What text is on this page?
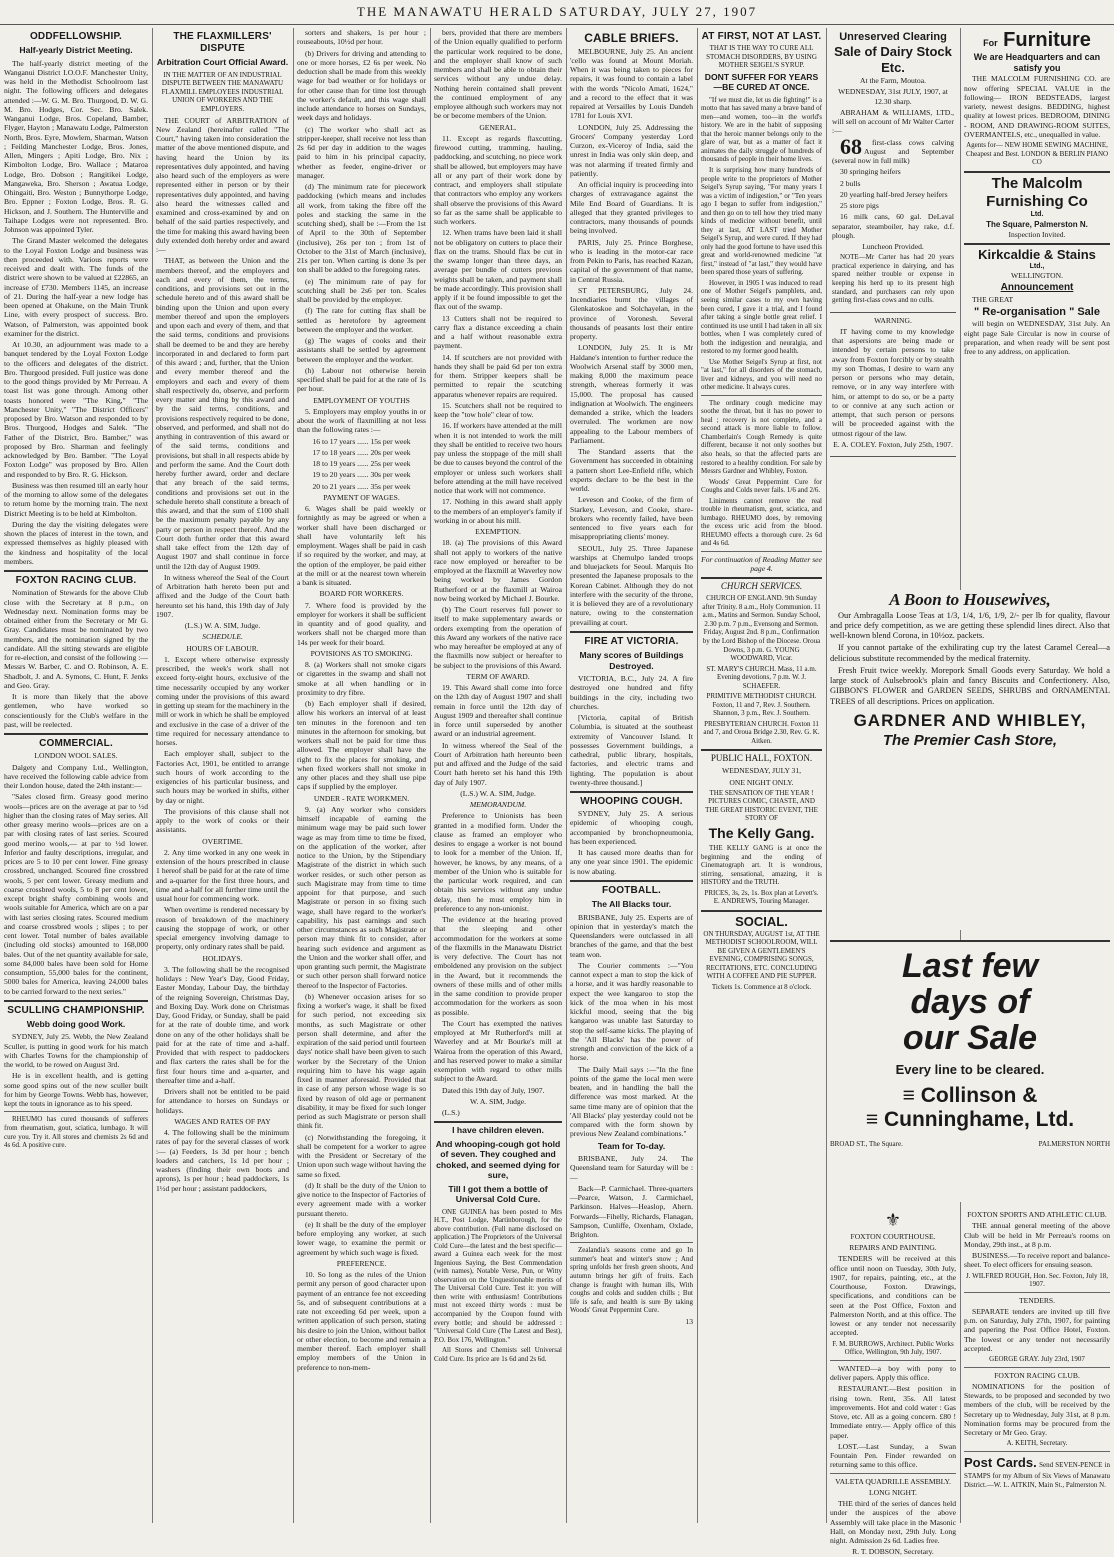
THE MANAWATU HERALD SATURDAY, JULY 27, 1907
ODDFELLOWSHIP.
Half-yearly District Meeting.

The half-yearly district meeting of the Wanganui District I.O.O.F. Manchester Unity, was held in the Methodist Schoolroom last night. The following officers and delegates attended :—W. G. M. Bro. Thurgood, D. W. G. M. Bro. Hodges, Cor. Sec. Bro. Salek. Wanganui Lodge, Bros. Copeland, Bamber, Flyger, Hayton ; Manawatu Lodge, Palmerston North, Bros. Eyre, Mowlem, Sharman, Watson ; Feilding Manchester Lodge, Bros. Jones, Allen, Mingers ; Apiti Lodge, Bro. Nix ; Kimbolton Lodge, Bro. Wallace ; Mataroa Lodge, Bro. Dobson ; Rangitikei Lodge, Mangaweka, Bro. Sherson ; Awatua Lodge, Ohingaiti, Bro. Weston ; Bunnythorpe Lodge, Bro. Eppner ; Foxton Lodge, Bros. R. G. Hickson, and J. Southern. The Hunterville and Taihape Lodges were not represented. Bro. Johnson was appointed Tyler.

The Grand Master welcomed the delegates to the Loyal Foxton Lodge and business was then proceeded with. Various reports were received and dealt with. The funds of the district were shown to be valued at £22865, an increase of £730. Members 1145, an increase of 21. During the half-year a new lodge has been opened at Ohakune, on the Main Trunk Line, with every prospect of success. Bro. Watson, of Palmerston, was appointed book examiner for the district.

At 10.30, an adjournment was made to a banquet tendered by the Loyal Foxton Lodge to the officers and delegates of the district. Bro. Thurgood presided. Full justice was done to the good things provided by Mr Perreau. A toast list was gone through. Among other toasts honored were "The King," "The Manchester Unity," "The District Officers" proposed by Bro. Watson and responded to by Bros. Thurgood, Hodges and Salek. "The Father of the District, Bro. Bamber," was proposed by Bro. Sharman and feelingly acknowledged by Bro. Bamber. "The Loyal Foxton Lodge" was proposed by Bro. Allen and responded to by Bro. R. G. Hickson.

Business was then resumed till an early hour of the morning to allow some of the delegates to return home by the morning train. The next District Meeting is to be held at Kimbolton.

During the day the visiting delegates were shown the places of interest in the town, and expressed themselves as highly pleased with the kindness and hospitality of the local members.

FOXTON RACING CLUB.

Nomination of Stewards for the above Club close with the Secretary at 8 p.m., on Wednesday next. Nomination forms may be obtained either from the Secretary or Mr G. Gray. Candidates must be nominated by two members, and the nomination signed by the candidate. All the sitting stewards are eligible for re-election, and consist of the following :—Messrs W. Barber, C. and O. Robinson, A. E. Shadbolt, J. and A. Symons, C. Hunt, F. Jenks and Geo. Gray.

It is more than likely that the above gentlemen, who have worked so conscientiously for the Club's welfare in the past, will be reelected.

COMMERCIAL.

LONDON WOOL SALES.

Dalgety and Company Ltd., Wellington, have received the following cable advice from their London house, dated the 24th instant:—

"Sales closed firm. Greasy good merino wools—prices are on the average at par to ½d higher than the closing rates of May series. All other greasy merino wools—prices are on a par with closing rates of last series. Scoured good merino wools,— at par to ½d lower. Inferior and faulty descriptions, irregular, and prices are 5 to 10 per cent lower. Fine greasy crossbred, unchanged. Scoured fine crossbred wools, 5 per cent lower. Greasy medium and coarse crossbred wools, 5 to 8 per cent lower, except bright shafty combining wools and wools suitable for America, which are on a par with last series closing rates. Scoured medium and coarse crossbred wools ; slipes ; to per cent lower. Total number of bales available (including old stocks) amounted to 168,000 bales. Out of the net quantity available for sale, some 84,000 bales have been sold for Home consumption, 55,000 bales for the continent, 5000 bales for America, leaving 24,000 bales to be carried forward to the next series."

SCULLING CHAMPIONSHIP.
Webb doing good Work.

SYDNEY, July 25. Webb, the New Zealand Sculler, is putting in good work for his match with Charles Towns for the championship of the world, to be rowed on August 3rd.

He is in excellent health, and is getting some good spins out of the new sculler built for him by George Towns. Webb has, however, kept the touts in ignorance as to his speed.

RHEUMO has cured thousands of sufferers from rheumatism, gout, sciatica, lumbago. It will cure you. Try it. All stores and chemists 2s 6d and 4s 6d. A positive cure.

THE FLAXMILLERS' DISPUTE
Arbitration Court Official Award.

IN THE MATTER OF AN INDUSTRIAL DISPUTE BETWEEN THE MANAWATU FLAXMILL EMPLOYEES INDUSTRIAL UNION OF WORKERS AND THE EMPLOYERS.

THE COURT of ARBITRATION of New Zealand (hereinafter called "The Court," having taken into consideration the matter of the above mentioned dispute, and having heard the Union by its representatives duly appointed, and having also heard such of the employers as were represented either in person or by their representatives duly appointed, and having also heard the witnesses called and examined and cross-examined by and on behalf of the said parties respectively, and the time for making this award having been duly extended doth hereby order and award :—

THAT, as between the Union and the members thereof, and the employers and each and every of them, the terms, conditions, and provisions set out in the schedule hereto and of this award shall be binding upon the Union and upon every member thereof and upon the employers and upon each and every of them, and that the said terms, conditions and provisions shall be deemed to be and they are hereby incorporated in and declared to form part of this award ; and, further, that the Union and every member thereof and the employers and each and every of them shall respectively do, observe, and perform every matter and thing by this award and by the said terms, conditions, and provisions respectively required to be done, observed, and performed, and shall not do anything in contravention of this award or of the said terms, conditions and provisions, but shall in all respects abide by and perform the same. And the Court doth hereby further award, order and declare that any breach of the said terms, conditions and provisions set out in the schedule hereto shall constitute a breach of this award, and that the sum of £100 shall be the maximum penalty payable by any party or person in respect thereof. And the Court doth further order that this award shall take effect from the 12th day of August 1907 and shall continue in force until the 12th day of August 1909.

In witness whereof the Seal of the Court of Arbitration hath hereto been put and affixed and the Judge of the Court hath hereunto set his hand, this 19th day of July 1907.

(L.S.) W. A. SIM, Judge.

SCHEDULE.

HOURS OF LABOUR.

1. Except where otherwise expressly prescribed, the week's work shall not exceed forty-eight hours, exclusive of the time necessarily occupied by any worker coming under the provisions of this award in getting up steam for the machinery in the mill or work in which he shall be employed and exclusive in the case of a driver of the time required for necessary attendance to horses.

Each employer shall, subject to the Factories Act, 1901, be entitled to arrange such hours of work according to the exigencies of his particular business, and such hours may be worked in shifts, either by day or night.

The provisions of this clause shall not apply to the work of cooks or their assistants.

OVERTIME.

2. Any time worked in any one week in extension of the hours prescribed in clause 1 hereof shall be paid for at the rate of time and a-quarter for the first three hours, and time and a-half for all further time until the usual hour for commencing work.

When overtime is rendered necessary by reason of breakdown of the machinery causing the stoppage of work, or other special emergency involving damage to property, only ordinary rates shall be paid.

HOLIDAYS.

3. The following shall be the recognised holidays : New Year's Day, Good Friday, Easter Monday, Labour Day, the birthday of the reigning Sovereign, Christmas Day, and Boxing Day. Work done on Christmas Day, Good Friday, or Sunday, shall be paid for at the rate of double time, and work done on any of the other holidays shall be paid for at the rate of time and a-half. Provided that with respect to paddockers and flax carters the rates shall be for the first four hours time and a-quarter, and thereafter time and a-half.

Drivers shall not be entitled to be paid for attendance to horses on Sundays or holidays.

WAGES AND RATES OF PAY

4. The following shall be the minimum rates of pay for the several classes of work :— (a) Feeders, 1s 3d per hour ; bench loaders and catchers, 1s 1d per hour ; washers (finding their own boots and aprons), 1s per hour ; head paddockers, 1s 1½d per hour ; assistant paddockers,

sorters and shakers, 1s per hour ; rouseabouts, 10½d per hour.

(b) Drivers for driving and attending to one or more horses, £2 6s per week. No deduction shall be made from this weekly wage for bad weather or for holidays or for other cause than for time lost through the worker's default, and this wage shall include attendance to horses on Sundays, week days and holidays.

(c) The worker who shall act as stripper-keeper, shall receive not less than 2s 6d per day in addition to the wages paid to him in his principal capacity, whether as feeder, engine-driver or manager.

(d) The minimum rate for piecework paddocking (which means and includes all work, from taking the fibre off the poles and stacking the same in the scutching shed), shall be :—From the 1st of April to the 30th of September (inclusive), 26s per ton ; from 1st of October to the 31st of March (inclusive), 21s per ton. When carting is done 3s per ton shall be added to the foregoing rates.

(e) The minimum rate of pay for scutching shall be 2s6 per ton. Scales shall be provided by the employer.

(f) The rate for cutting flax shall be settled as heretofore by agreement between the employer and the worker.

(g) The wages of cooks and their assistants shall be settled by agreement between the employer and the worker.

(h) Labour not otherwise herein specified shall be paid for at the rate of 1s per hour.

EMPLOYMENT OF YOUTHS

5. Employers may employ youths in or about the work of flaxmilling at not less than the following rates :—

16 to 17 years ...... 15s per week

17 to 18 years ...... 20s per week

18 to 19 years ...... 25s per week

19 to 20 years ...... 30s per week

20 to 21 years ...... 35s per week

PAYMENT OF WAGES.

6. Wages shall be paid weekly or fortnightly as may be agreed or when a worker shall have been discharged or shall have voluntarily left his employment. Wages shall be paid in cash if so required by the worker, and may, at the option of the employer, be paid either at the mill or at the nearest town wherein a bank is situated.

BOARD FOR WORKERS.

7. Where food is provided by the employer for workers it shall be sufficient in quantity and of good quality, and workers shall not be charged more than 14s per week for their board.

POVISIONS AS TO SMOKING.

8. (a) Workers shall not smoke cigars or cigarettes in the swamp and shall not smoke at all when handling or in proximity to dry fibre.

(b) Each employer shall if desired, allow his workers an interval of at least ten minutes in the forenoon and ten minutes in the afternoon for smoking, but workers shall not be paid for time thus allowed. The employer shall have the right to fix the places for smoking, and when fixed workers shall not smoke in any other places and they shall use pipe caps if supplied by the employer.

UNDER - RATE WORKMEN.

9. (a) Any worker who considers himself incapable of earning the minimum wage may be paid such lower wage as may from time to time be fixed, on the application of the worker, after notice to the Union, by the Stipendiary Magistrate of the district in which such worker resides, or such other person as such Magistrate may from time to time appoint for that purpose, and such Magistrate or person in so fixing such wage, shall have regard to the worker's capability, his past earnings and such other circumstances as such Magistrate or person may think fit to consider, after hearing such evidence and argument as the Union and the worker shall offer, and upon granting such permit, the Magistrate or such other person shall forward notice thereof to the Inspector of Factories.

(b) Whenever occasion arises for so fixing a worker's wage, it shall be fixed for such period, not exceeding six months, as such Magistrate or other person shall determine, and after the expiration of the said period until fourteen days' notice shall have been given to such worker by the Secretary of the Union requiring him to have his wage again fixed in manner aforesaid. Provided that in case of any person whose wage is so fixed by reason of old age or permanent disability, it may be fixed for such longer period as such Magistrate or person shall think fit.

(c) Notwithstanding the foregoing, it shall be competent for a worker to agree with the President or Secretary of the Union upon such wage without having the same so fixed.

(d) It shall be the duty of the Union to give notice to the Inspector of Factories of every agreement made with a worker pursuant thereto.

(e) It shall be the duty of the employer before employing any worker, at such lower wage, to examine the permit or agreement by which such wage is fixed.

PREFERENCE.

10. So long as the rules of the Union permit any person of good character upon payment of an entrance fee not exceeding 5s, and of subsequent contributions at a rate not exceeding 6d per week, upon a written application of such person, stating his desire to join the Union, without ballot or other election, to become and remain a member thereof. Each employer shall employ members of the Union in preference to non-mem-

bers, provided that there are members of the Union equally qualified to perform the particular work required to be done, and the employer shall know of such members and shall be able to obtain their services without any undue delay. Nothing herein contained shall prevent the continued employment of any employee although such workers may not be or become members of the Union.

GENERAL.

11. Except as regards flaxcutting, firewood cutting, tramming, hauling, paddocking, and scutching, no piece work shall be allowed, but employers may have all or any part of their work done by contract, and employers shall stipulate that contractors who employ any workers shall observe the provisions of this Award so far as the same shall be applicable to such workers.

12. When trams have been laid it shall not be obligatory on cutters to place their flax on the trams. Should flax be cut in the swamp longer than three days, an average per bundle of cutters previous weights shall be taken, and payment shall be made accordingly. This provision shall apply if it be found impossible to get the flax out of the swamp.

13 Cutters shall not be required to carry flax a distance exceeding a chain and a half without reasonable extra payment.

14. If scutchers are not provided with hands they shall be paid 6d per ton extra for them. Stripper keepers shall be permitted to repair the scutching apparatus whenever repairs are required.

15. Scutchers shall not be required to keep the "tow hole" clear of tow.

16. If workers have attended at the mill when it is not intended to work the mill they shall be entitled to receive two hours pay unless the stoppage of the mill shall be due to causes beyond the control of the employer or unless such workers shall before attending at the mill have received notice that work will not commence.

17. Nothing in this award shall apply to the members of an employer's family if working in or about his mill.

EXEMPTION.

18. (a) The provisions of this Award shall not apply to workers of the native race now employed or hereafter to be employed at the flaxmill at Waverley now being worked by James Gordon Rutherford or at the flaxmill at Wairoa now being worked by Michael J. Bourke.

(b) The Court reserves full power to itself to make supplementary awards or orders exempting from the operation of this Award any workers of the native race who may hereafter be employed at any of the flaxmills now subject or hereafter to be subject to the provisions of this Award.

TERM OF AWARD.

19. This Award shall come into force on the 12th day of August 1907 and shall remain in force until the 12th day of August 1909 and thereafter shall continue in force until superseded by another award or an industrial agreement.

In witness whereof the Seal of the Court of Arbitration hath hereunto been put and affixed and the Judge of the said Court hath hereto set his hand this 19th day of July 1907.

(L.S.) W. A. SIM, Judge.

MEMORANDUM.

Preference to Unionists has been granted in a modified form. Under the clause as framed an employer who desires to engage a worker is not bound to look for a member of the Union. If, however, he knows, by any means, of a member of the Union who is suitable for the particular work required, and can obtain his services without any undue delay, then he must employ him in preference to any non-unionist.

The evidence at the hearing proved that the sleeping and other accommodation for the workers at some of the flaxmills in the Manawatu District is very defective. The Court has not emboldened any provision on the subject in the Award, but it recommends the owners of these mills and of other mills in the same condition to provide proper accommodation for the workers as soon as possible.

The Court has exempted the natives employed at Mr Rutherford's mill at Waverley and at Mr Bourke's mill at Wairoa from the operation of this Award, and has reserved power to make a similar exemption with regard to other mills subject to the Award.

Dated this 19th day of July, 1907.

W. A. SIM, Judge.

(L.S.)

I have children eleven.
And whooping-cough got hold of seven. They coughed and choked, and seemed dying for sure,
Till I got them a bottle of Universal Cold Cure.

ONE GUINEA has been posted to Mrs H.T., Post Lodge, Martinborough, for the above contribution. (Full name disclosed on application.) The Proprietors of the Universal Cold Cure—the latest and the best specific—award a Guinea each week for the most Ingenious Saying, the Best Commendation (with names), Notable Verse, Pun, or Witty observation on the Unquestionable merits of The Universal Cold Cure. Test it: you will then write with enthusiasm! Contributions must not exceed thirty words : must be accompanied by the Coupon found with every bottle; and should be addressed : "Universal Cold Cure (The Latest and Best), P.O. Box 176, Wellington."

All Stores and Chemists sell Universal Cold Cure. Its price are 1s 6d and 2s 6d.

CABLE BRIEFS.

MELBOURNE, July 25. An ancient 'cello was found at Mount Moriah. When it was being taken to pieces for repairs, it was found to contain a label with the words "Nicolo Amati, 1624," and a record to the effect that it was repaired at Versailles by Louis Dandeh 1781 for Louis XVI.

LONDON, July 25. Addressing the Grocers' Company yesterday Lord Curzon, ex-Viceroy of India, said the unrest in India was only skin deep, and was not alarming if treated firmly and patiently.

An official inquiry is proceeding into charges of extravagance against the Mile End Board of Guardians. It is alleged that they granted privileges to contractors, many thousands of pounds being involved.

PARIS, July 25. Prince Borghese, who is leading in the motor-car race from Pekin to Paris, has reached Kazan, capital of the government of that name, in Central Russia.

ST PETERSBURG, July 24. Incendiaries burnt the villages of Glenkatoskoe and Solchayelan, in the province of Voronesh. Several thousands of peasants lost their entire property.

LONDON, July 25. It is Mr Haldane's intention to further reduce the Woolwich Arsenal staff by 3000 men, making 8,000 the maximum peace strength, whereas formerly it was 15,000. The proposal has caused indignation at Woolwich. The engineers demanded a strike, which the leaders overruled. The workmen are now appealing to the Labour members of Parliament.

The Standard asserts that the Government has succeeded in obtaining a pattern short Lee-Enfield rifle, which experts declare to be the best in the world.

Leveson and Cooke, of the firm of Starkey, Leveson, and Cooke, share-brokers who recently failed, have been sentenced to five years each for misappropriating clients' money.

SEOUL, July 25. Three Japanese warships at Chemulpo landed troops and bluejackets for Seoul. Marquis Ito presented the Japanese proposals to the Korean Cabinet. Although they do not interfere with the security of the throne, it is believed they are of a revolutionary nature, owing to the consternation prevailing at court.

FIRE AT VICTORIA.
Many scores of Buildings Destroyed.

VICTORIA, B.C., July 24. A fire destroyed one hundred and fifty buildings in the city, including two churches.

[Victoria, capital of British Columbia, is situated at the southeast extremity of Vancouver Island. It possesses Government buildings, a cathedral, public library, hospitals, factories, and electric trams and lighting. The population is about twenty-three thousand.]

WHOOPING COUGH.

SYDNEY, July 25. A serious epidemic of whooping cough, accompanied by bronchopneumonia, has been experienced.

It has caused more deaths than for any one year since 1901. The epidemic is now abating.

FOOTBALL.
The All Blacks tour.

BRISBANE, July 25. Experts are of opinion that in yesterday's match the Queenslanders were outclassed in all branches of the game, and that the best team won.

The Courier comments :—"You cannot expect a man to stop the kick of a horse, and it was hardly reasonable to expect the wee kangaroo to stop the kick of the moa when in his most kickful mood, seeing that the big kangaroo was unable last Saturday to stop the self-same kicks. The playing of the 'All Blacks' has the power of strength and conviction of the kick of a horse.

The Daily Mail says :—"In the fine points of the game the local men were beaten, and in handling the ball the difference was most marked. At the same time many are of opinion that the 'All Blacks' play yesterday could not be compared with the form shown by previous New Zealand combinations."

Team for To-day.

BRISBANE, July 24. The Queensland team for Saturday will be :—

Back—P. Carmichael. Three-quarters—Pearce, Watson, J. Carmichael, Parkinson. Halves—Heaslop, Ahern. Forwards—Fihelly, Richards, Flanagan, Sampson, Cunliffe, Oxenham, Oxlade, Brighton.

Zealandia's seasons come and go In summer's heat and winter's snow ; And spring unfolds her fresh green shoots, And autumn brings her gift of fruits. Each change is fraught with human ills, With coughs and colds and sudden chills ; But life is safe, and health is sure By taking Woods' Great Peppermint Cure.

13

AT FIRST, NOT AT LAST.

THAT IS THE WAY TO CURE ALL STOMACH DISORDERS, BY USING MOTHER SEIGEL'S SYRUP.

DONT SUFFER FOR YEARS—BE CURED AT ONCE.

"If we must die, let us die fighting!" is a motto that has saved many a brave band of men—and women, too—in the world's history. We are in the habit of supposing that the heroic manner belongs only to the glare of war, but as a matter of fact it animates the daily struggle of hundreds of thousands of people in their home lives.

It is surprising how many hundreds of people write to the proprietors of Mother Seigel's Syrup saying, "For many years I was a victim of indigestion," or "Ten years ago I began to suffer from indigestion," and then go on to tell how they tried many kinds of medicine without benefit, until they at last, AT LAST tried Mother Seigel's Syrup, and were cured. If they had only had the good fortune to have used this great and world-renowned medicine "at first," instead of "at last," they would have been spared those years of suffering.

However, in 1905 I was induced to read one of Mother Seigel's pamphlets, and, seeing similar cases to my own having been cured, I gave it a trial, and I found after taking a single bottle great relief. I continued its use until I had taken in all six bottles, when I was completely cured of both the indigestion and neuralgia, and restored to my former good health.

Use Mother Seigel's Syrup at first, not "at last," for all disorders of the stomach, liver and kidneys, and you will need no other medicine. It always cures.

The ordinary cough medicine may soothe the throat, but it has no power to heal ; recovery is not complete, and a second attack is more liable to follow. Chamberlain's Cough Remedy is quite different, because it not only soothes but also heals, so that the affected parts are restored to a healthy condition. For sale by Messrs Gardner and Whibley, Foxton.

Woods' Great Peppermint Cure for Coughs and Colds never fails. 1/6 and 2/6.

Liniments cannot remove the real trouble in rheumatism, gout, sciatica, and lumbago. RHEUMO does, by removing the excess uric acid from the blood. RHEUMO effects a thorough cure. 2s 6d and 4s 6d.

For continuation of Reading Matter see page 4.

CHURCH SERVICES.

CHURCH OF ENGLAND. 9th Sunday after Trinity. 8 a.m., Holy Communion. 11 a.m., Matins and Sermon. Sunday School, 2.30 p.m. 7 p.m., Evensong and Sermon. Friday, August 2nd. 8 p.m., Confirmation by the Lord Bishop of the Diocese. Oroua Downs, 3 p.m. G. YOUNG WOODWARD, Vicar.

ST. MARY'S CHURCH. Mass, 11 a.m. Evening devotions, 7 p.m. W. J. SCHAEFER.

PRIMITIVE METHODIST CHURCH. Foxton, 11 and 7, Rev. J. Southern. Shannon, 3 p.m., Rev. J. Southern.

PRESBYTERIAN CHURCH. Foxton 11 and 7, and Oroua Bridge 2.30, Rev. G. K. Aitken.

PUBLIC HALL, FOXTON.

WEDNESDAY, JULY 31,

ONE NIGHT ONLY.

THE SENSATION OF THE YEAR ! PICTURES COMIC, CHASTE, AND THE GREAT HISTORIC EVENT, THE STORY OF

The Kelly Gang.

THE KELLY GANG is at once the beginning and the ending of Cinematograph art. It is wondrous, stirring, sensational, amazing, it is HISTORY and the TRUTH.

PRICES, 3s, 2s, 1s. Box plan at Levett's. E. ANDREWS, Touring Manager.

SOCIAL.

ON THURSDAY, AUGUST 1st, AT THE METHODIST SCHOOLROOM, WILL BE GIVEN A GENTLEMEN'S EVENING, COMPRISING SONGS, RECITATIONS, ETC. CONCLUDING WITH A COFFEE AND PIE SUPPER.

Tickets 1s. Commence at 8 o'clock.

Unreserved Clearing
Sale of Dairy Stock Etc.

At the Farm, Moutoa.

WEDNESDAY, 31st JULY, 1907, at 12.30 sharp.

ABRAHAM & WILLIAMS, LTD., will sell on account of Mr Walter Carter :—

68 first-class cows calving August and September (several now in full milk)

30 springing heifers

2 bulls

20 yearling half-bred Jersey heifers

25 store pigs

16 milk cans, 60 gal. DeLaval separator, steamboiler, hay rake, d.f. plough.

Luncheon Provided.

NOTE—Mr Carter has had 20 years practical experience in dairying, and has spared neither trouble or expense in keeping his herd up to its present high standard, and purchasers can rely upon getting first-class cows and no culls.

WARNING.

IT having come to my knowledge that aspersions are being made or intended by certain persons to take away from Foxton forcibly or by stealth my son Thomas, I desire to warn any person or persons who may detain, remove, or in any way interfere with him, or attempt to do so, or be a party to or connive at any such action or attempt, that such person or persons will be proceeded against with the utmost rigour of the law.

E. A. COLEY. Foxton, July 25th, 1907.

A Boon to Housewives,

Our Ambragalla Loose Teas at 1/3, 1/4, 1/6, 1/9, 2/- per lb for quality, flavour and price defy competition, as we are getting these splendid lines direct. Also that well-known blend Corona, in 10½oz. packets.

If you cannot partake of the exhilirating cup try the latest Caramel Cereal—a delicious substitute recommended by the medical fraternity.

Fresh Fruit twice weekly. Morepork Small Goods every Saturday. We hold a large stock of Aulsebrook's plain and fancy Biscuits and Confectionery. Also, GIBBON'S FLOWER and GARDEN SEEDS, SHRUBS and ORNAMENTAL TREES of all descriptions. Prices on application.

GARDNER AND WHIBLEY,
The Premier Cash Store,
Last few
days of
our Sale
Every line to be cleared.
≡ Collinson &
≡ Cunninghame, Ltd.
BROAD ST., The Square.	PALMERSTON NORTH
⚜

FOXTON COURTHOUSE.

REPAIRS AND PAINTING.

TENDERS will be received at this office until noon on Tuesday, 30th July, 1907, for repairs, painting, etc., at the Courthouse, Foxton. Drawings, specifications, and conditions can be seen at the Post Office, Foxton and Palmerston North, and at this office. The lowest or any tender not necessarily accepted.

F. M. BURROWS, Architect. Public Works Office, Wellington, 9th July, 1907.

WANTED—a boy with pony to deliver papers. Apply this office.

RESTAURANT.—Best position in rising town. Rent, 35s. All latest improvements. Hot and cold water : Gas Stove, etc. All as a going concern. £80 ! Immediate entry.— Apply office of this paper.

LOST.—Last Sunday, a Swan Fountain Pen. Finder rewarded on returning same to this office.

VALETA QUADRILLE ASSEMBLY.

LONG NIGHT.

THE third of the series of dances held under the auspices of the above Assembly will take place in the Masonic Hall, on Monday next, 29th July. Long night. Admission 2s 6d. Ladies free.

R. T. DOBSON, Secretary.

For Furniture
We are Headquarters and can satisfy you

THE MALCOLM FURNISHING CO. are now offering SPECIAL VALUE in the following— IRON BEDSTEADS, largest variety, newest designs. BEDDING, highest quality at lowest prices. BEDROOM, DINING - ROOM, AND DRAWING-ROOM SUITES, OVERMANTELS, etc., unequalled in value.

Agents for— NEW HOME SEWING MACHINE, Cheapest and Best. LONDON & BERLIN PIANO CO

The Malcolm
Furnishing Co
Ltd.
The Square, Palmerston N.

Inspection Invited.

Kirkcaldie & Stains
Ltd.,

WELLINGTON.

Announcement

THE GREAT

" Re-organisation " Sale

will begin on WEDNESDAY, 31st July. An eight page Sale Circular is now in course of preparation, and when ready will be sent post free to any address, on application.

FOXTON SPORTS AND ATHLETIC CLUB.

THE annual general meeting of the above Club will be held in Mr Perreau's rooms on Monday, 29th inst., at 8 p.m.

BUSINESS.—To receive report and balance-sheet. To elect officers for ensuing season.

J. WILFRED ROUGH, Hon. Sec. Foxton, July 18, 1907.

TENDERS.

SEPARATE tenders are invited up till five p.m. on Saturday, July 27th, 1907, for painting and papering the Post Office Hotel, Foxton. The lowest or any tender not necessarily accepted.

GEORGE GRAY. July 23rd, 1907

FOXTON RACING CLUB.

NOMINATIONS for the position of Stewards, to be proposed and seconded by two members of the club, will be received by the Secretary up to Wednesday, July 31st, at 8 p.m. Nomination forms may be procured from the Secretary or Mr Geo. Gray.

A. KEITH, Secretary.

Post Cards. Send SEVEN-PENCE in STAMPS for my Album of Six Views of Manawatu District.—W. L. AITKIN, Main St., Palmerston N.
